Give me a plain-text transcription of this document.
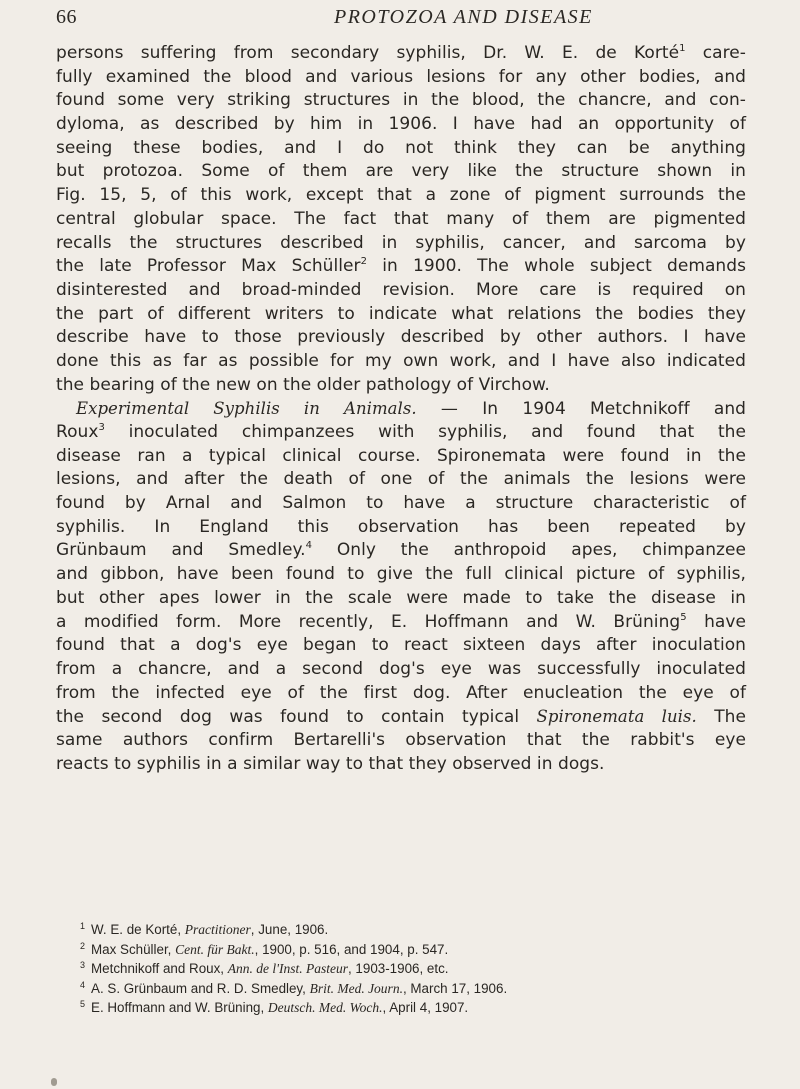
66	PROTOZOA AND DISEASE
persons suffering from secondary syphilis, Dr. W. E. de Korté$^1$ care-
fully examined the blood and various lesions for any other bodies, and
found some very striking structures in the blood, the chancre, and con-
dyloma, as described by him in 1906. I have had an opportunity of
seeing these bodies, and I do not think they can be anything
but protozoa. Some of them are very like the structure shown in
Fig. 15, 5, of this work, except that a zone of pigment surrounds the
central globular space. The fact that many of them are pigmented
recalls the structures described in syphilis, cancer, and sarcoma by
the late Professor Max Schüller$^2$ in 1900. The whole subject demands
disinterested and broad-minded revision. More care is required on
the part of different writers to indicate what relations the bodies they
describe have to those previously described by other authors. I have
done this as far as possible for my own work, and I have also indicated
the bearing of the new on the older pathology of Virchow.
Experimental Syphilis in Animals. — In 1904 Metchnikoff and
Roux$^3$ inoculated chimpanzees with syphilis, and found that the
disease ran a typical clinical course. Spironemata were found in the
lesions, and after the death of one of the animals the lesions were
found by Arnal and Salmon to have a structure characteristic of
syphilis. In England this observation has been repeated by
Grünbaum and Smedley.$^4$ Only the anthropoid apes, chimpanzee
and gibbon, have been found to give the full clinical picture of syphilis,
but other apes lower in the scale were made to take the disease in
a modified form. More recently, E. Hoffmann and W. Brüning$^5$ have
found that a dog's eye began to react sixteen days after inoculation
from a chancre, and a second dog's eye was successfully inoculated
from the infected eye of the first dog. After enucleation the eye of
the second dog was found to contain typical Spironemata luis. The
same authors confirm Bertarelli's observation that the rabbit's eye
reacts to syphilis in a similar way to that they observed in dogs.
$^1$ W. E. de Korté, Practitioner, June, 1906.
$^2$ Max Schüller, Cent. für Bakt., 1900, p. 516, and 1904, p. 547.
$^3$ Metchnikoff and Roux, Ann. de l'Inst. Pasteur, 1903-1906, etc.
$^4$ A. S. Grünbaum and R. D. Smedley, Brit. Med. Journ., March 17, 1906.
$^5$ E. Hoffmann and W. Brüning, Deutsch. Med. Woch., April 4, 1907.
